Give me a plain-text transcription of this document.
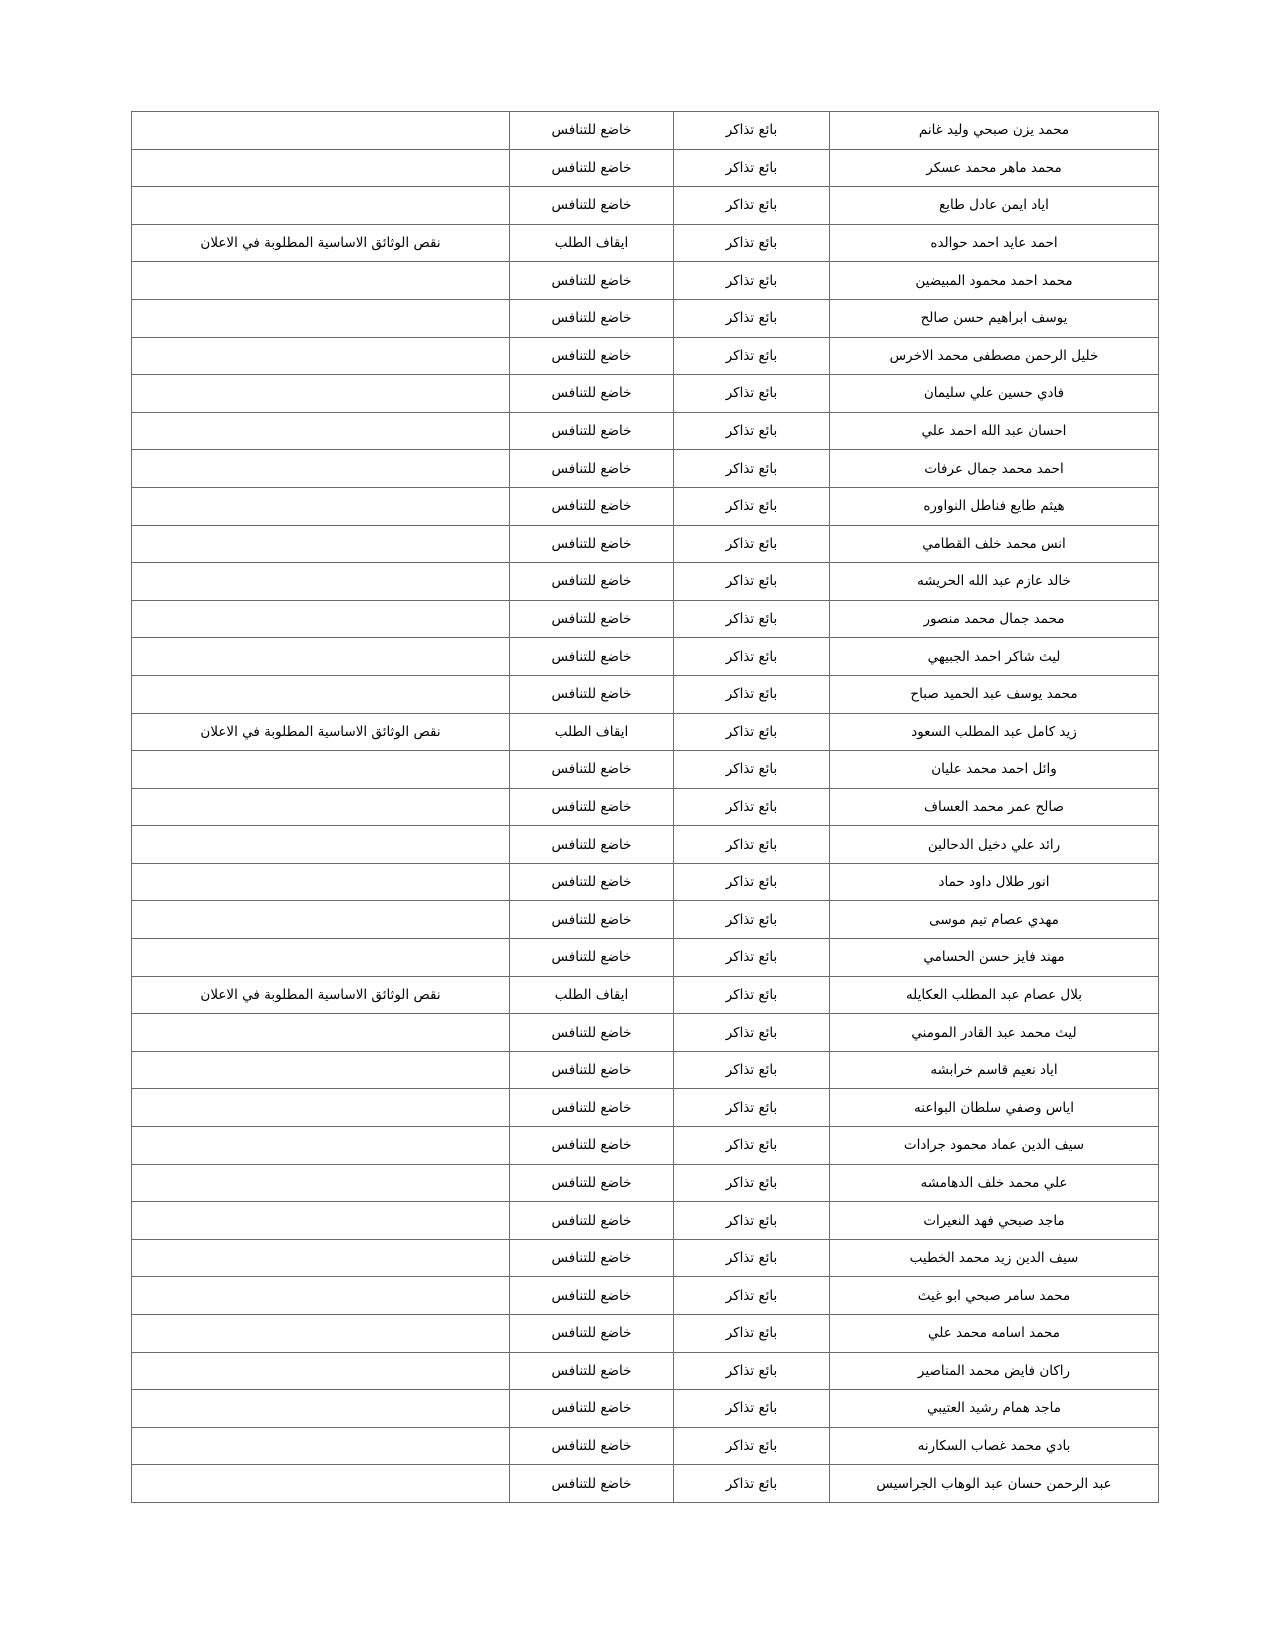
محمد يزن صبحي وليد غانم	بائع تذاكر	خاضع للتنافس	
محمد ماهر محمد عسكر	بائع تذاكر	خاضع للتنافس	
اياد ايمن عادل طايع	بائع تذاكر	خاضع للتنافس	
احمد عايد احمد حوالده	بائع تذاكر	ايقاف الطلب	نقص الوثائق الاساسية المطلوبة في الاعلان
محمد احمد محمود المبيضين	بائع تذاكر	خاضع للتنافس	
يوسف ابراهيم حسن صالح	بائع تذاكر	خاضع للتنافس	
خليل الرحمن مصطفى محمد الاخرس	بائع تذاكر	خاضع للتنافس	
فادي حسين علي سليمان	بائع تذاكر	خاضع للتنافس	
احسان عبد الله احمد علي	بائع تذاكر	خاضع للتنافس	
احمد محمد جمال عرفات	بائع تذاكر	خاضع للتنافس	
هيثم طايع فناطل النواوره	بائع تذاكر	خاضع للتنافس	
انس محمد خلف القطامي	بائع تذاكر	خاضع للتنافس	
خالد عازم عبد الله الحريشه	بائع تذاكر	خاضع للتنافس	
محمد جمال محمد منصور	بائع تذاكر	خاضع للتنافس	
ليث شاكر احمد الجبيهي	بائع تذاكر	خاضع للتنافس	
محمد يوسف عبد الحميد صباح	بائع تذاكر	خاضع للتنافس	
زيد كامل عبد المطلب السعود	بائع تذاكر	ايقاف الطلب	نقص الوثائق الاساسية المطلوبة في الاعلان
وائل احمد محمد عليان	بائع تذاكر	خاضع للتنافس	
صالح عمر محمد العساف	بائع تذاكر	خاضع للتنافس	
رائد علي دخيل الدحالين	بائع تذاكر	خاضع للتنافس	
انور طلال داود حماد	بائع تذاكر	خاضع للتنافس	
مهدي عصام تيم موسى	بائع تذاكر	خاضع للتنافس	
مهند فايز حسن الحسامي	بائع تذاكر	خاضع للتنافس	
بلال عصام عبد المطلب العكايله	بائع تذاكر	ايقاف الطلب	نقص الوثائق الاساسية المطلوبة في الاعلان
ليث محمد عبد القادر المومني	بائع تذاكر	خاضع للتنافس	
اياد نعيم قاسم خرابشه	بائع تذاكر	خاضع للتنافس	
اياس وصفي سلطان البواعنه	بائع تذاكر	خاضع للتنافس	
سيف الدين عماد محمود جرادات	بائع تذاكر	خاضع للتنافس	
علي محمد خلف الدهامشه	بائع تذاكر	خاضع للتنافس	
ماجد صبحي فهد النعيرات	بائع تذاكر	خاضع للتنافس	
سيف الدين زيد محمد الخطيب	بائع تذاكر	خاضع للتنافس	
محمد سامر صبحي ابو غيث	بائع تذاكر	خاضع للتنافس	
محمد اسامه محمد علي	بائع تذاكر	خاضع للتنافس	
راكان فايض محمد المناصير	بائع تذاكر	خاضع للتنافس	
ماجد همام رشيد العتيبي	بائع تذاكر	خاضع للتنافس	
بادي محمد غصاب السكارنه	بائع تذاكر	خاضع للتنافس	
عبد الرحمن حسان عبد الوهاب الجراسيس	بائع تذاكر	خاضع للتنافس	
